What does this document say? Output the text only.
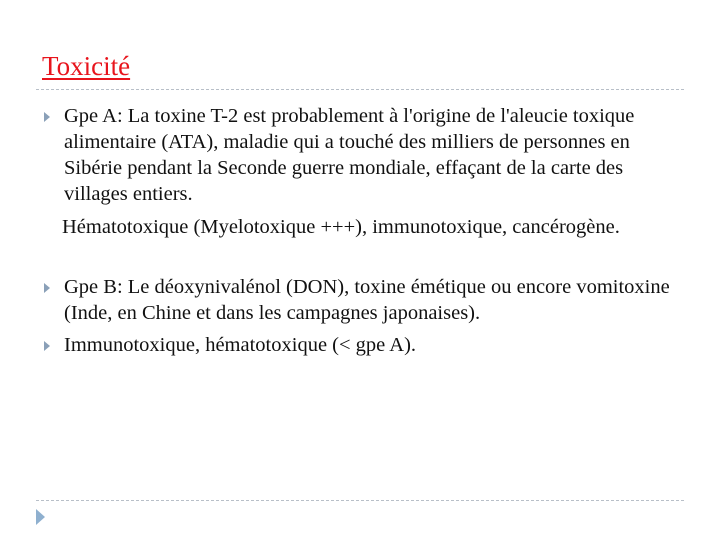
Toxicité
Gpe A: La toxine T-2 est probablement à l'origine de l'aleucie toxique alimentaire (ATA), maladie qui a touché des milliers de personnes en Sibérie pendant la Seconde guerre mondiale, effaçant de la carte des villages entiers.
Hématotoxique (Myelotoxique +++), immunotoxique, cancérogène.
Gpe B: Le déoxynivalénol (DON), toxine émétique ou encore vomitoxine (Inde, en Chine et dans les campagnes japonaises).
Immunotoxique, hématotoxique (< gpe A).
